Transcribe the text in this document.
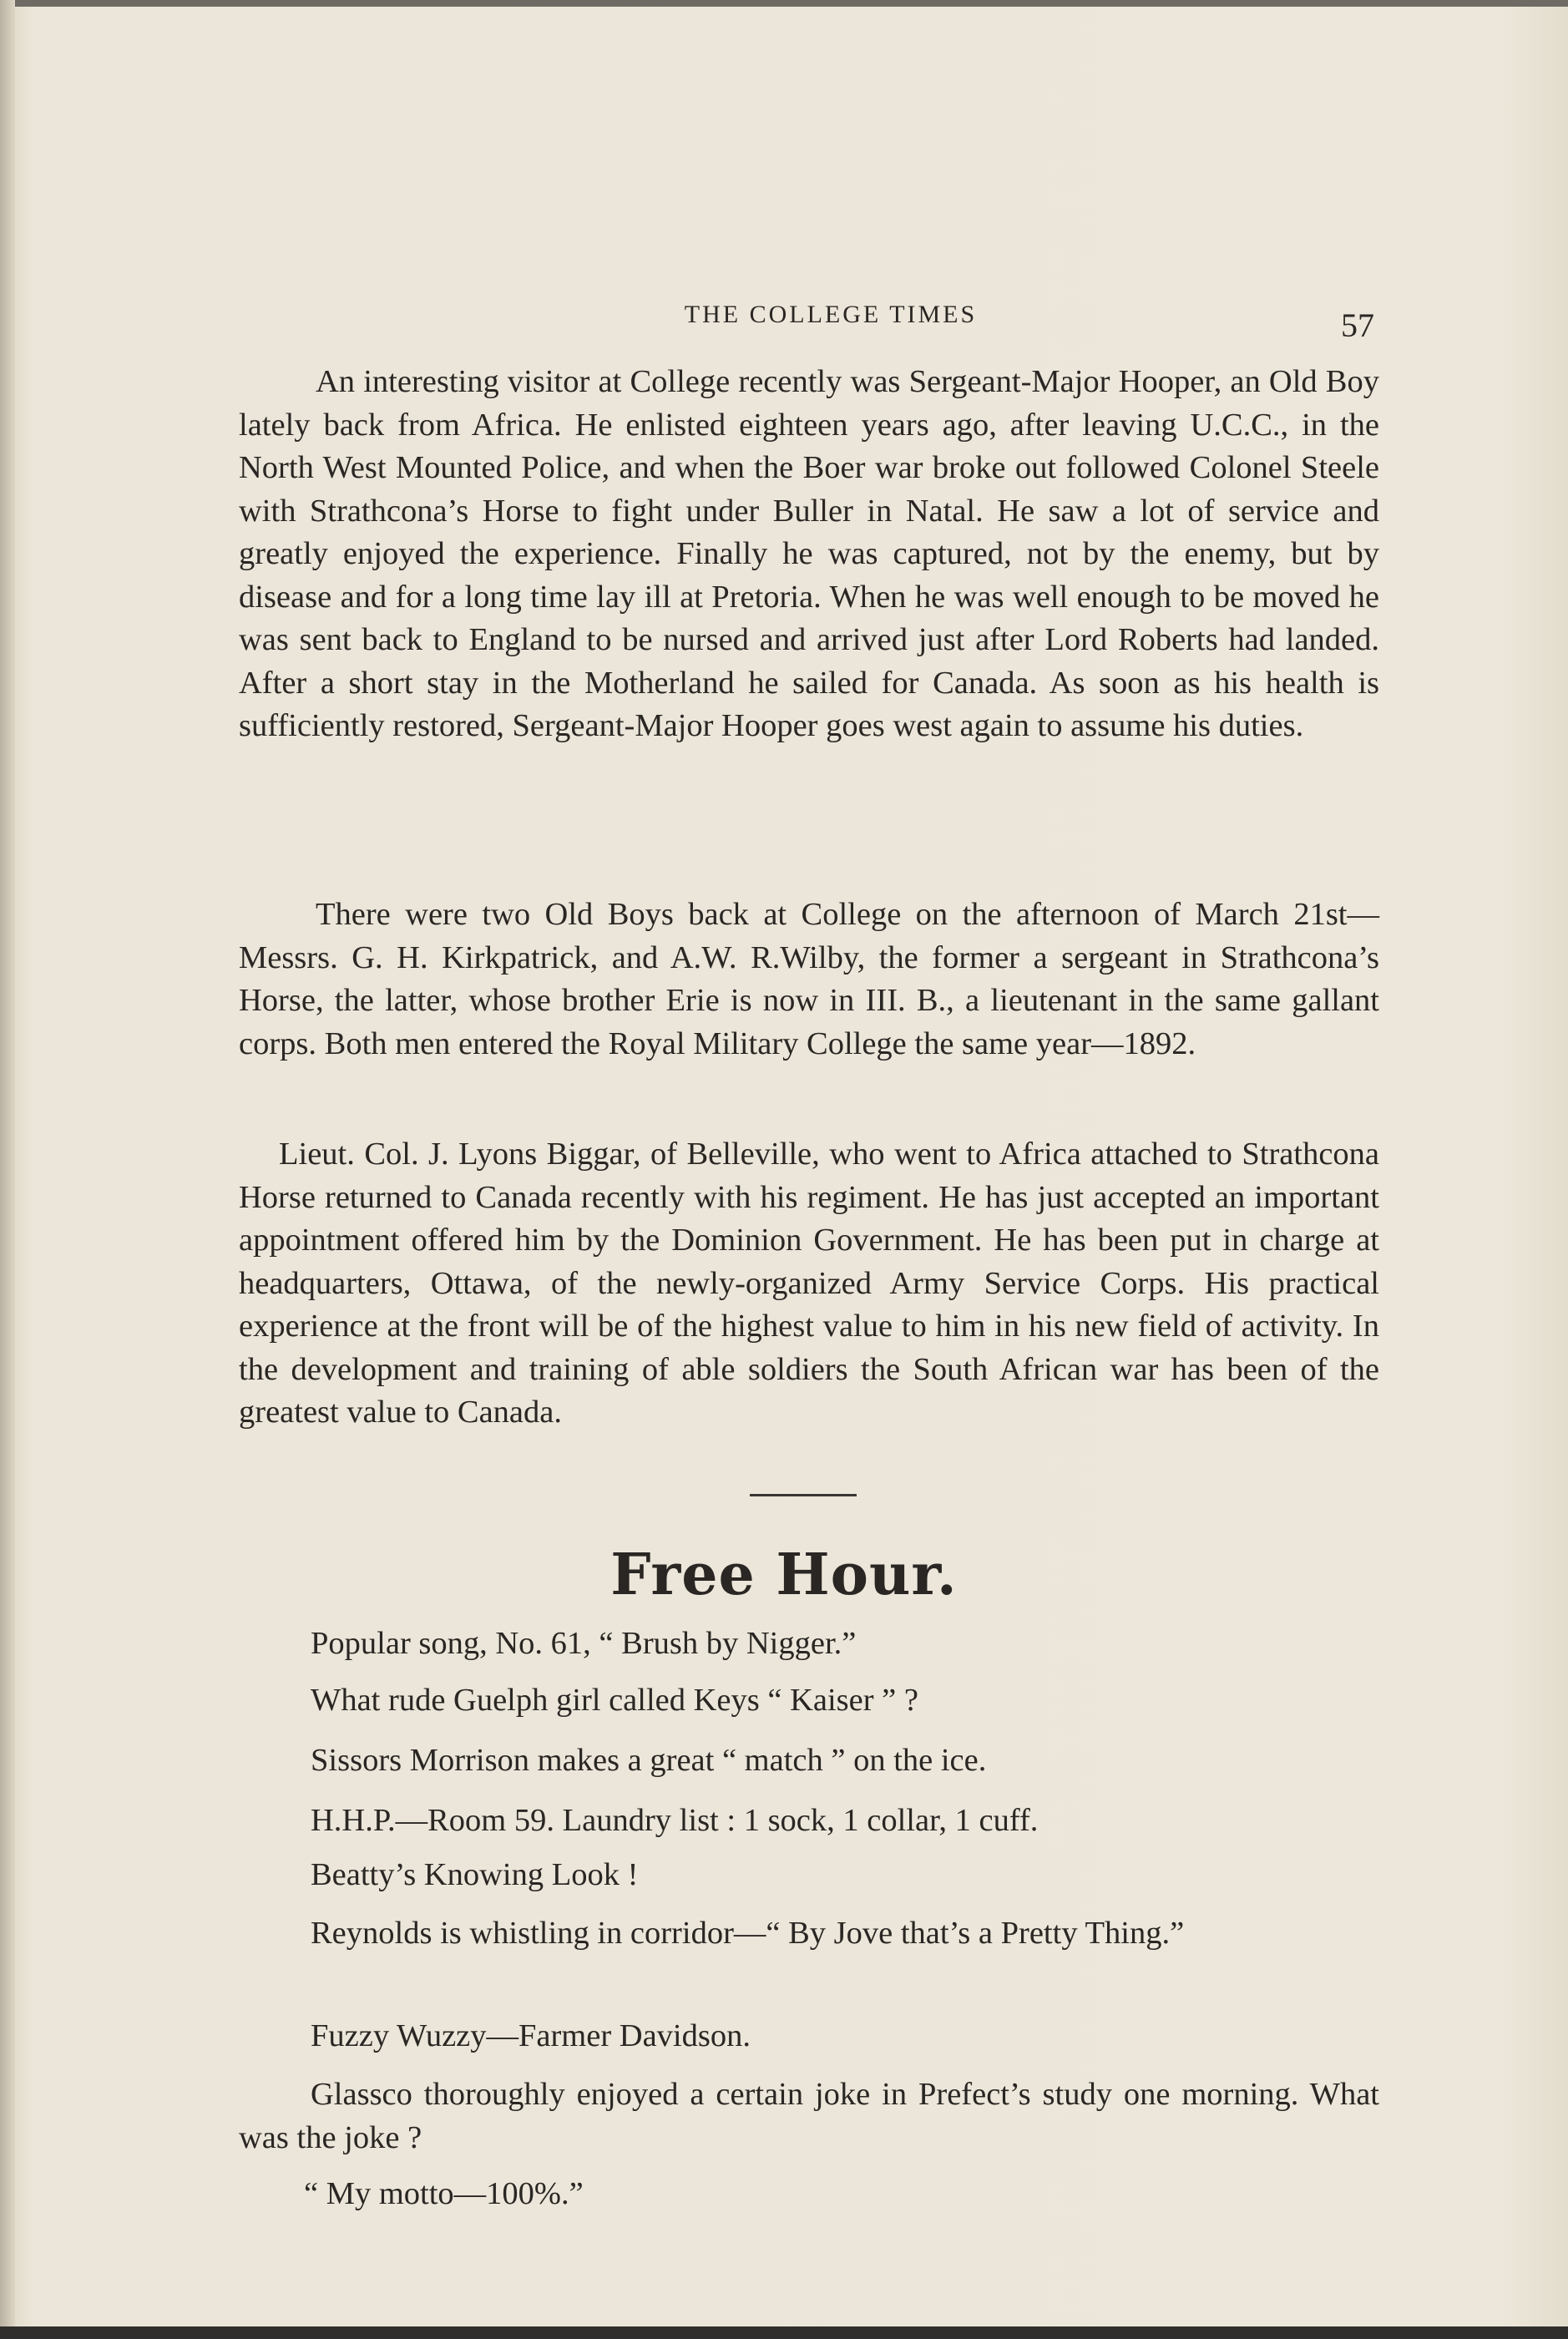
THE COLLEGE TIMES	57

An interesting visitor at College recently was Sergeant-Major Hooper, an Old Boy lately back from Africa. He enlisted eighteen years ago, after leaving U.C.C., in the North West Mounted Police, and when the Boer war broke out followed Colonel Steele with Strathcona’s Horse to fight under Buller in Natal. He saw a lot of service and greatly enjoyed the experience. Finally he was captured, not by the enemy, but by disease and for a long time lay ill at Pretoria. When he was well enough to be moved he was sent back to England to be nursed and arrived just after Lord Roberts had landed. After a short stay in the Motherland he sailed for Canada. As soon as his health is sufficiently restored, Sergeant-Major Hooper goes west again to assume his duties.

There were two Old Boys back at College on the afternoon of March 21st—Messrs. G. H. Kirkpatrick, and A.W. R.Wilby, the former a sergeant in Strathcona’s Horse, the latter, whose brother Erie is now in III. B., a lieutenant in the same gallant corps. Both men entered the Royal Military College the same year—1892.

Lieut. Col. J. Lyons Biggar, of Belleville, who went to Africa attached to Strathcona Horse returned to Canada recently with his regiment. He has just accepted an important appointment offered him by the Dominion Government. He has been put in charge at headquarters, Ottawa, of the newly-organized Army Service Corps. His practical experience at the front will be of the highest value to him in his new field of activity. In the development and training of able soldiers the South African war has been of the greatest value to Canada.

Free Hour.

Popular song, No. 61, “ Brush by Nigger.”

What rude Guelph girl called Keys “ Kaiser ” ?

Sissors Morrison makes a great “ match ” on the ice.

H.H.P.—Room 59. Laundry list : 1 sock, 1 collar, 1 cuff.

Beatty’s Knowing Look !

Reynolds is whistling in corridor—“ By Jove that’s a Pretty Thing.”

Fuzzy Wuzzy—Farmer Davidson.

Glassco thoroughly enjoyed a certain joke in Prefect’s study one morning. What was the joke ?

“ My motto—100%.”
